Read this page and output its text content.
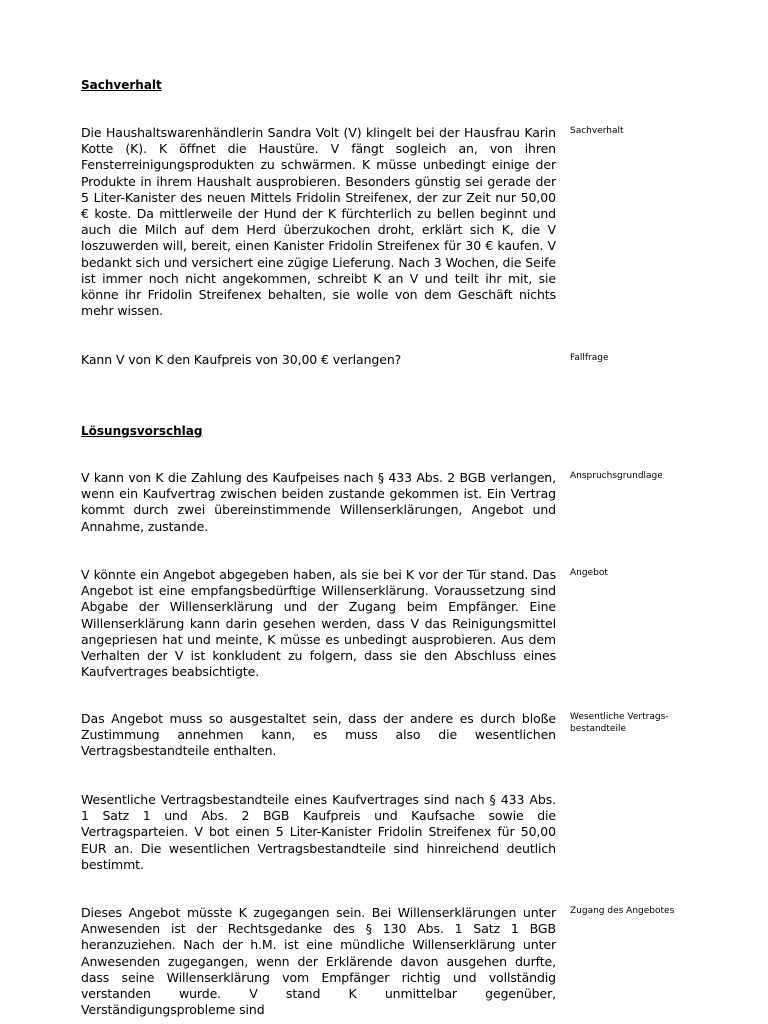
Sachverhalt

Die Haushaltswarenhändlerin Sandra Volt (V) klingelt bei der Hausfrau Karin Kotte (K). K öffnet die Haustüre. V fängt sogleich an, von ihren Fensterreinigungsprodukten zu schwärmen. K müsse unbedingt einige der Produkte in ihrem Haushalt ausprobieren. Besonders günstig sei gerade der 5 Liter-Kanister des neuen Mittels Fridolin Streifenex, der zur Zeit nur 50,00 € koste. Da mittlerweile der Hund der K fürchterlich zu bellen beginnt und auch die Milch auf dem Herd überzukochen droht, erklärt sich K, die V loszuwerden will, bereit, einen Kanister Fridolin Streifenex für 30 € kaufen. V bedankt sich und versichert eine zügige Lieferung. Nach 3 Wochen, die Seife ist immer noch nicht angekommen, schreibt K an V und teilt ihr mit, sie könne ihr Fridolin Streifenex behalten, sie wolle von dem Geschäft nichts mehr wissen.

Sachverhalt

Kann V von K den Kaufpreis von 30,00 € verlangen?	Fallfrage
Lösungsvorschlag

V kann von K die Zahlung des Kaufpeises nach § 433 Abs. 2 BGB verlangen, wenn ein Kaufvertrag zwischen beiden zustande gekommen ist. Ein Vertrag kommt durch zwei übereinstimmende Willenserklärungen, Angebot und Annahme, zustande.

Anspruchsgrundlage

V könnte ein Angebot abgegeben haben, als sie bei K vor der Tür stand. Das Angebot ist eine empfangsbedürftige Willenserklärung. Voraussetzung sind Abgabe der Willenserklärung und der Zugang beim Empfänger. Eine Willenserklärung kann darin gesehen werden, dass V das Reinigungsmittel angepriesen hat und meinte, K müsse es unbedingt ausprobieren. Aus dem Verhalten der V ist konkludent zu folgern, dass sie den Abschluss eines Kaufvertrages beabsichtigte.

Angebot

Das Angebot muss so ausgestaltet sein, dass der andere es durch bloße Zustimmung annehmen kann, es muss also die wesentlichen Vertragsbestandteile enthalten.

Wesentliche Vertrags-bestandteile

Wesentliche Vertragsbestandteile eines Kaufvertrages sind nach § 433 Abs. 1 Satz 1 und Abs. 2 BGB Kaufpreis und Kaufsache sowie die Vertragsparteien. V bot einen 5 Liter-Kanister Fridolin Streifenex für 50,00 EUR an. Die wesentlichen Vertragsbestandteile sind hinreichend deutlich bestimmt.

Dieses Angebot müsste K zugegangen sein. Bei Willenserklärungen unter Anwesenden ist der Rechtsgedanke des § 130 Abs. 1 Satz 1 BGB heranzuziehen. Nach der h.M. ist eine mündliche Willenserklärung unter Anwesenden zugegangen, wenn der Erklärende davon ausgehen durfte, dass seine Willenserklärung vom Empfänger richtig und vollständig verstanden wurde. V stand K unmittelbar gegenüber, Verständigungsprobleme sind

Zugang des Angebotes
